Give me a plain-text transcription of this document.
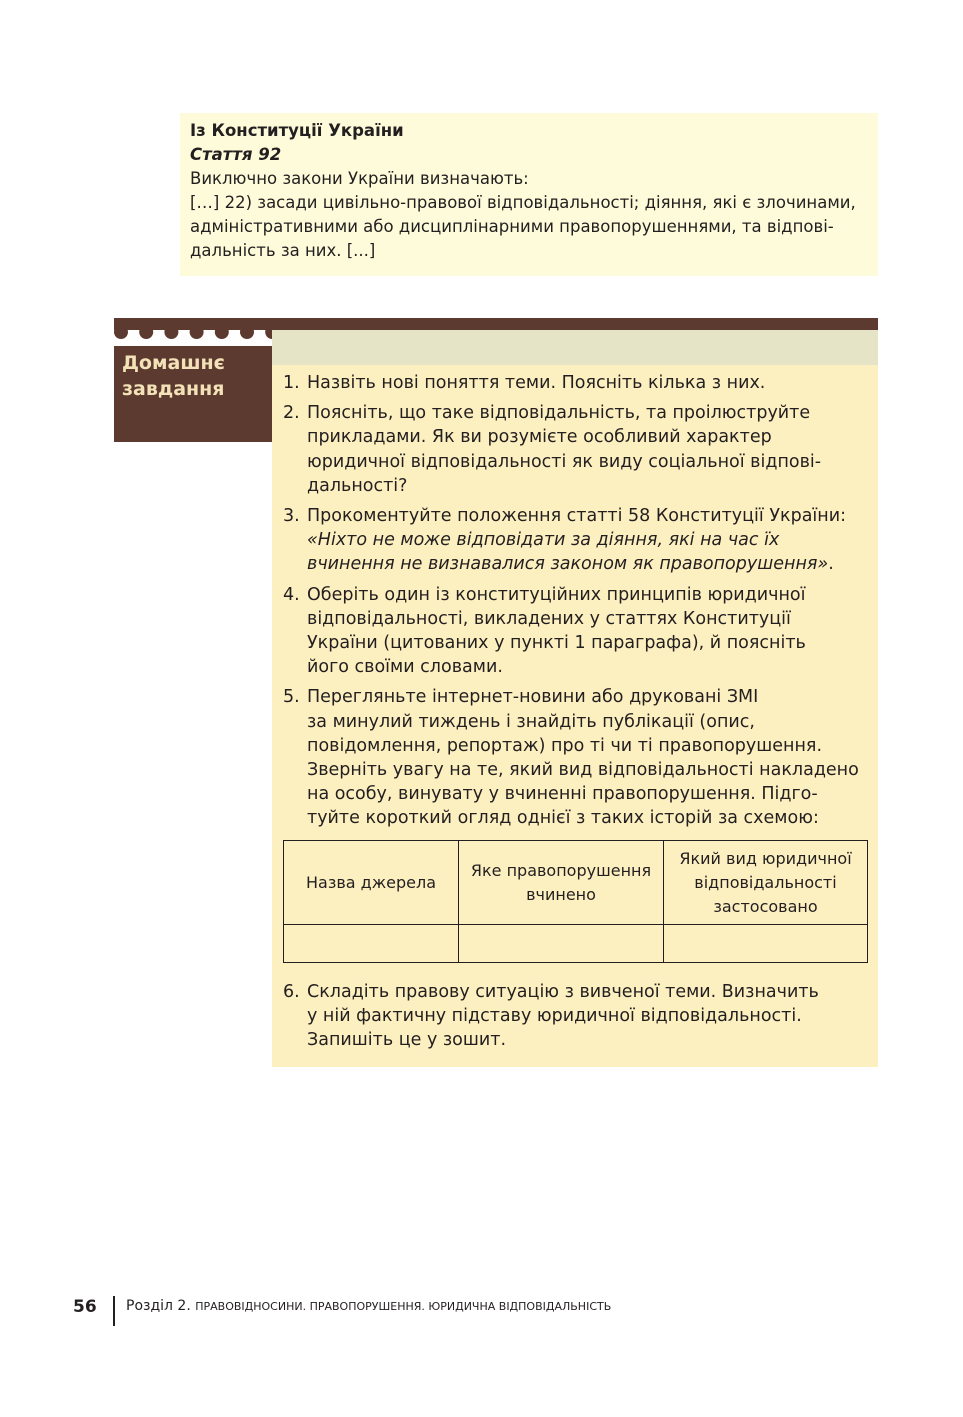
Із Конституції України
Стаття 92
Виключно закони України визначають:
[…] 22) засади цивільно-правової відповідальності; діяння, які є злочинами,
адміністративними або дисциплінарними правопорушеннями, та відпові-
дальність за них. [...]
Домашнє
завдання	1. Назвіть нові поняття теми. Поясніть кілька з них.
2. Поясніть, що таке відповідальність, та проілюструйте
прикладами. Як ви розумієте особливий характер
юридичної відповідальності як виду соціальної відпові-
дальності?
3. Прокоментуйте положення статті 58 Конституції України:
«Ніхто не може відповідати за діяння, які на час їх
вчинення не визнавалися законом як правопорушення».
4. Оберіть один із конституційних принципів юридичної
відповідальності, викладених у статтях Конституції
України (цитованих у пункті 1 параграфа), й поясніть
його своїми словами.
5. Перегляньте інтернет-новини або друковані ЗМІ
за минулий тиждень і знайдіть публікації (опис,
повідомлення, репортаж) про ті чи ті правопорушення.
Зверніть увагу на те, який вид відповідальності накладено
на особу, винувату у вчиненні правопорушення. Підго-
туйте короткий огляд однієї з таких історій за схемою:
Назва джерела	Яке правопорушення вчинено	Який вид юридичної відповідальності застосовано

6. Складіть правову ситуацію з вивченої теми. Визначить
у ній фактичну підставу юридичної відповідальності.
Запишіть це у зошит.
56 Розділ 2. ПРАВОВІДНОСИНИ. ПРАВОПОРУШЕННЯ. ЮРИДИЧНА ВІДПОВІДАЛЬНІСТЬ
